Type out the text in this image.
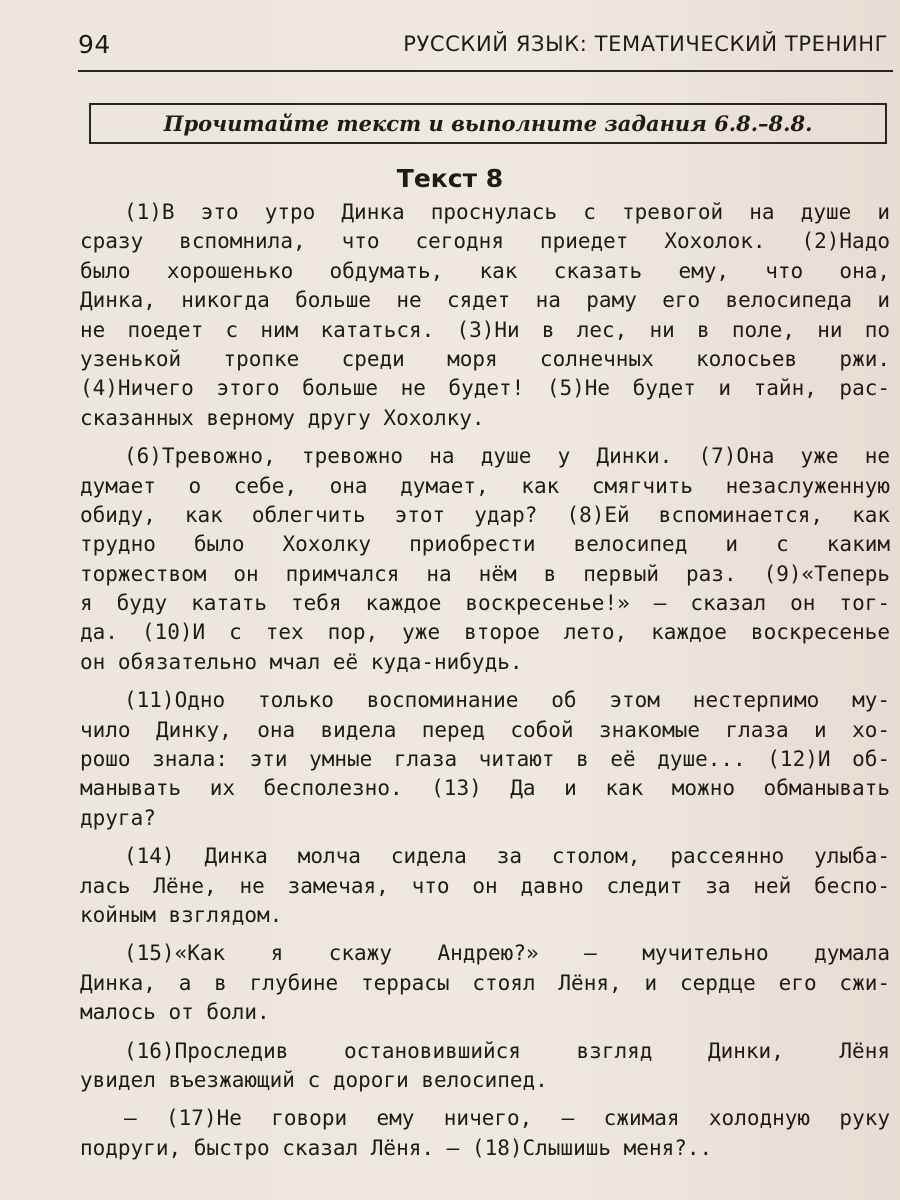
94	РУССКИЙ ЯЗЫК: ТЕМАТИЧЕСКИЙ ТРЕНИНГ
Прочитайте текст и выполните задания 6.8.–8.8.
Текст 8
(1)В это утро Динка проснулась с тревогой на душе и
сразу вспомнила, что сегодня приедет Хохолок. (2)Надо
было хорошенько обдумать, как сказать ему, что она,
Динка, никогда больше не сядет на раму его велосипеда и
не поедет с ним кататься. (3)Ни в лес, ни в поле, ни по
узенькой тропке среди моря солнечных колосьев ржи.
(4)Ничего этого больше не будет! (5)Не будет и тайн, рас-
сказанных верному другу Хохолку.
(6)Тревожно, тревожно на душе у Динки. (7)Она уже не
думает о себе, она думает, как смягчить незаслуженную
обиду, как облегчить этот удар? (8)Ей вспоминается, как
трудно было Хохолку приобрести велосипед и с каким
торжеством он примчался на нём в первый раз. (9)«Теперь
я буду катать тебя каждое воскресенье!» — сказал он тог-
да. (10)И с тех пор, уже второе лето, каждое воскресенье
он обязательно мчал её куда-нибудь.
(11)Одно только воспоминание об этом нестерпимо му-
чило Динку, она видела перед собой знакомые глаза и хо-
рошо знала: эти умные глаза читают в её душе... (12)И об-
манывать их бесполезно. (13) Да и как можно обманывать
друга?
(14) Динка молча сидела за столом, рассеянно улыба-
лась Лёне, не замечая, что он давно следит за ней беспо-
койным взглядом.
(15)«Как я скажу Андрею?» — мучительно думала
Динка, а в глубине террасы стоял Лёня, и сердце его сжи-
малось от боли.
(16)Проследив остановившийся взгляд Динки, Лёня
увидел въезжающий с дороги велосипед.
— (17)Не говори ему ничего, — сжимая холодную руку
подруги, быстро сказал Лёня. — (18)Слышишь меня?..
